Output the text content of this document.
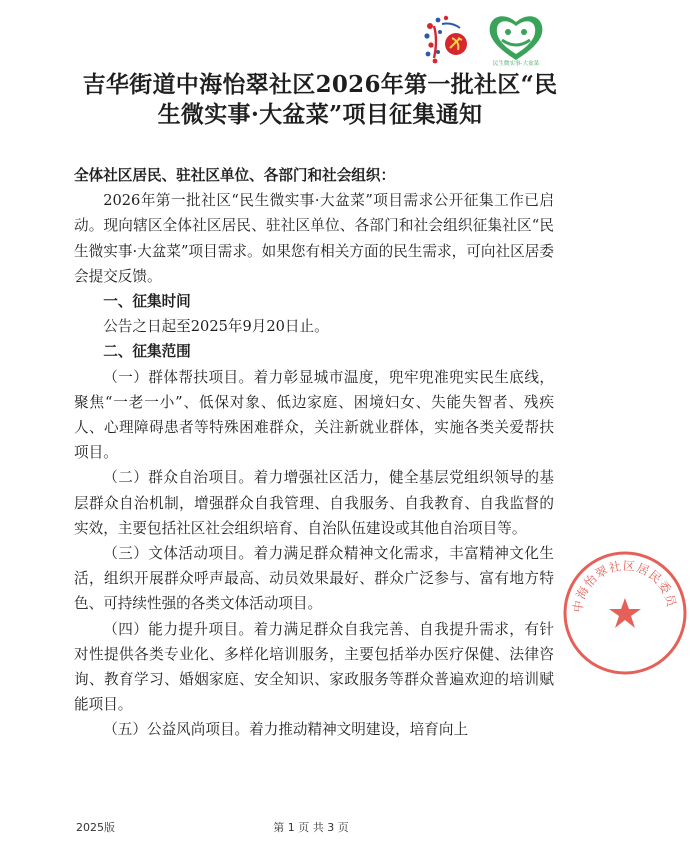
民生微实事·大盆菜
吉华街道中海怡翠社区2026年第一批社区“民
生微实事·大盆菜”项目征集通知

全体社区居民、驻社区单位、各部门和社会组织：

2026年第一批社区“民生微实事·大盆菜”项目需求公开征集工作已启动。现向辖区全体社区居民、驻社区单位、各部门和社会组织征集社区“民生微实事·大盆菜”项目需求。如果您有相关方面的民生需求，可向社区居委会提交反馈。

一、征集时间

公告之日起至2025年9月20日止。

二、征集范围

（一）群体帮扶项目。着力彰显城市温度，兜牢兜准兜实民生底线，聚焦“一老一小”、低保对象、低边家庭、困境妇女、失能失智者、残疾人、心理障碍患者等特殊困难群众，关注新就业群体，实施各类关爱帮扶项目。

（二）群众自治项目。着力增强社区活力，健全基层党组织领导的基层群众自治机制，增强群众自我管理、自我服务、自我教育、自我监督的实效，主要包括社区社会组织培育、自治队伍建设或其他自治项目等。

（三）文体活动项目。着力满足群众精神文化需求，丰富精神文化生活，组织开展群众呼声最高、动员效果最好、群众广泛参与、富有地方特色、可持续性强的各类文体活动项目。

（四）能力提升项目。着力满足群众自我完善、自我提升需求，有针对性提供各类专业化、多样化培训服务，主要包括举办医疗保健、法律咨询、教育学习、婚姻家庭、安全知识、家政服务等群众普遍欢迎的培训赋能项目。

（五）公益风尚项目。着力推动精神文明建设，培育向上

中海怡翠社区居民委员会
2025版	第 1 页 共 3 页
